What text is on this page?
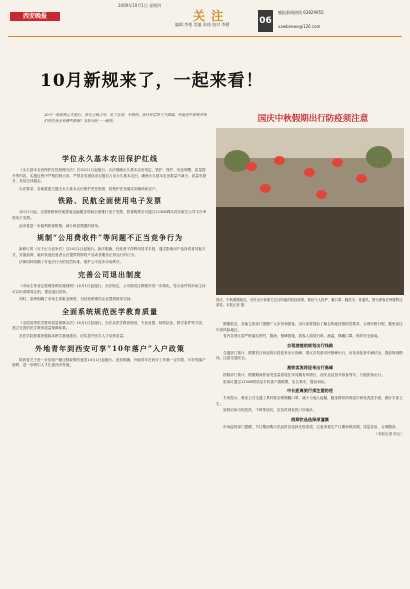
2009年10月1日 星期四
西安晚报	关 注
编辑 李艳 美编 张琦 校对 李健	06
晚报新闻热线 62829955
xawbnews@126.com
10月新规来了，一起来看！

10月一批新规正式施行，涉及土地占用、电子发票、专利权、拆迁补偿等方方面面。究竟这些新规对我们的生活会有哪些影响？本报为您一一梳理。

学位永久基本农田保护红线

《永久基本农田保护红线管理办法》自10月1日起施行。办法明确永久基本农田划定、管护、保护、优化调整、质量提升等内容，实施过程中严格控制占用，严禁各类建设项目擅自占用永久基本农田，确保永久基本农田数量不减少、质量有提升、布局总体稳定。

办法要求，各地要建立健全永久基本农田保护责任制度，将保护任务落实到地块和农户。

铁路、民航全面使用电子发票

10月1日起，全国铁路和民航旅客运输服务领域全面推行电子发票，旅客购票后可通过12306网站或各航空公司平台申领电子发票。

此举将进一步便利旅客报销，减少纸质票据的使用。

规制“公用费收件”等问题不正当竞争行为

新修订的《反不正当竞争法》自10月1日起施行。新法明确，经营者不得利用技术手段，通过影响用户选择或者其他方式，实施妨碍、破坏其他经营者合法提供的网络产品或者服务正常运行的行为。

法律同时明确了对违法行为的处罚标准，维护公平竞争市场秩序。

完善公司退出制度

《市场主体登记管理条例实施细则》10月1日起施行。办法规定，公司简易注销程序进一步简化，符合条件的市场主体可以申请简易注销，提高退出效率。

同时，条例明确了市场主体歇业制度，为经营困难的企业提供缓冲空间。

全面系统规范医学教育质量

《全国高等医学教育质量保障办法》10月1日起施行。办法从医学教育规划、专业设置、师资队伍、教学条件等方面，建立完善的医学教育质量保障体系。

各医学院校要加强临床教学基地建设，切实提升医学人才培养质量。

外地青年到西安可享“10年落户”入户政策

陕西省关于进一步放宽户籍迁移政策的意见10月1日起施行。意见明确，外地青年在西安工作满一定年限，可享受落户便利，进一步吸引人才扎根西安发展。

国庆中秋假期出行防疫须注意

国庆、中秋假期临近，市民出行前要关注目的地的防疫政策，做好个人防护，戴口罩、勤洗手、常通风。图为游客在钟楼附近游览。本报记者 摄

假期临近，各地文旅部门提醒广大市民和游客，出行前要提前了解目的地疫情防控要求，合理安排行程，避免前往中高风险地区。

省内各景区将严格落实预约、限流、错峰措施，游客入园须扫码、测温、佩戴口罩，保持安全距离。

自驾游提前规划出行线路

交通部门预计，假期首日和返程日将迎来出行高峰，建议自驾游市民错峰出行，出发前检查车辆状况，提前规划路线，注意交通安全。

高铁客流将迎来出行高峰

铁路部门预计，假期期间旅客发送量将较往年同期有所增长，西安北站加开临客列车，方便旅客出行。

旅客可通过12306网站及手机客户端购票，实名乘车，提前到站。

中长距离旅行须注意防疫

专家提示，乘坐公共交通工具时要全程佩戴口罩，减少与他人接触，随身携带消毒湿巾和免洗洗手液，做好手部卫生。

返程后如出现发热、干咳等症状，应及时到发热门诊就诊。

假期饮品选择须谨慎

市场监管部门提醒，节日期间购买饮品时应选择正规渠道，注意查看生产日期和保质期，适量饮用，合理膳食。

（本报记者 综合）
